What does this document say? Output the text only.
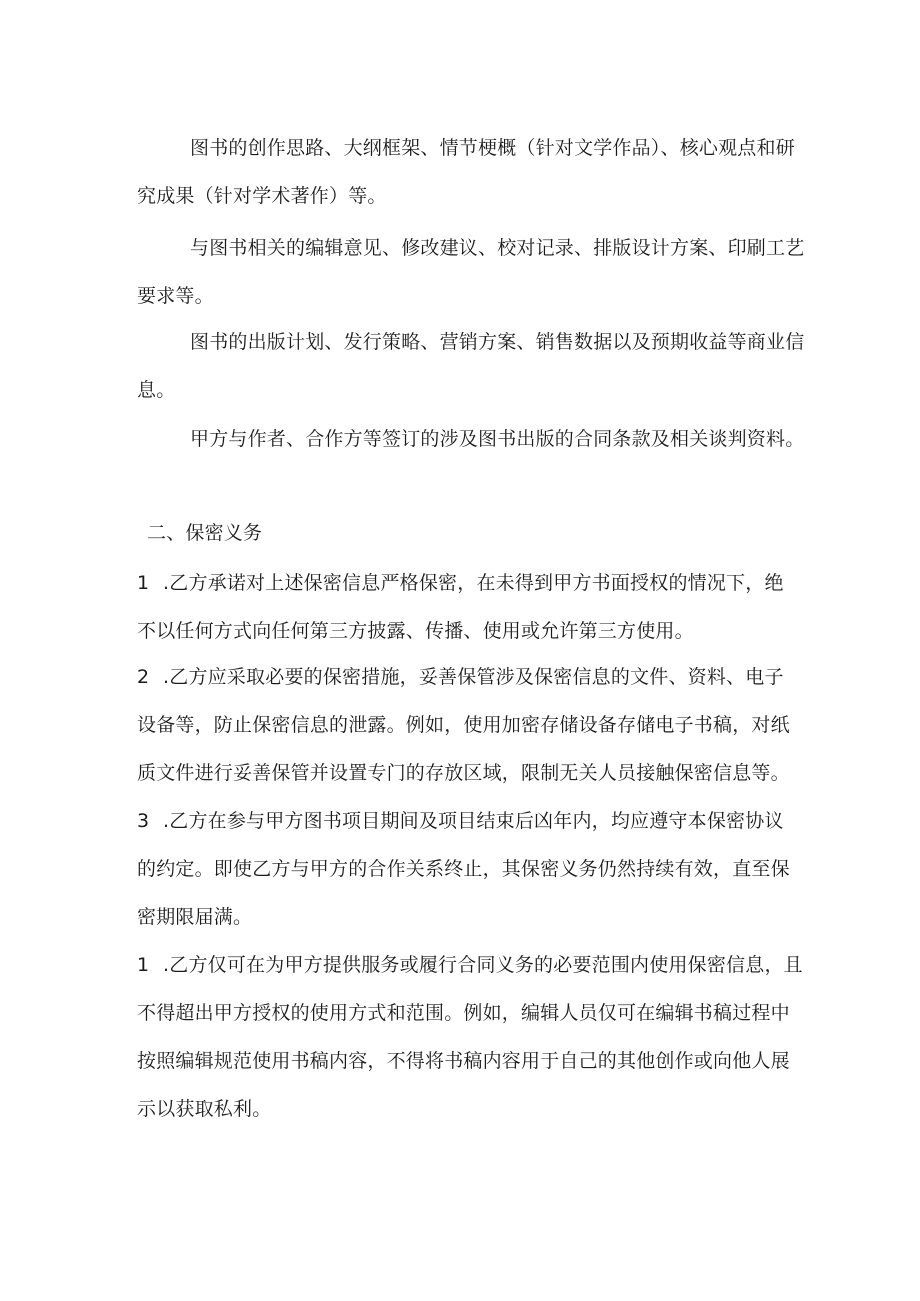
图书的创作思路、大纲框架、情节梗概（针对文学作品）、核心观点和研
究成果（针对学术著作）等。
与图书相关的编辑意见、修改建议、校对记录、排版设计方案、印刷工艺
要求等。
图书的出版计划、发行策略、营销方案、销售数据以及预期收益等商业信
息。
甲方与作者、合作方等签订的涉及图书出版的合同条款及相关谈判资料。
二、保密义务
1 .乙方承诺对上述保密信息严格保密，在未得到甲方书面授权的情况下，绝
不以任何方式向任何第三方披露、传播、使用或允许第三方使用。
2 .乙方应采取必要的保密措施，妥善保管涉及保密信息的文件、资料、电子
设备等，防止保密信息的泄露。例如，使用加密存储设备存储电子书稿，对纸
质文件进行妥善保管并设置专门的存放区域，限制无关人员接触保密信息等。
3 .乙方在参与甲方图书项目期间及项目结束后凶年内，均应遵守本保密协议
的约定。即使乙方与甲方的合作关系终止，其保密义务仍然持续有效，直至保
密期限届满。
1 .乙方仅可在为甲方提供服务或履行合同义务的必要范围内使用保密信息，且
不得超出甲方授权的使用方式和范围。例如，编辑人员仅可在编辑书稿过程中
按照编辑规范使用书稿内容，不得将书稿内容用于自己的其他创作或向他人展
示以获取私利。
